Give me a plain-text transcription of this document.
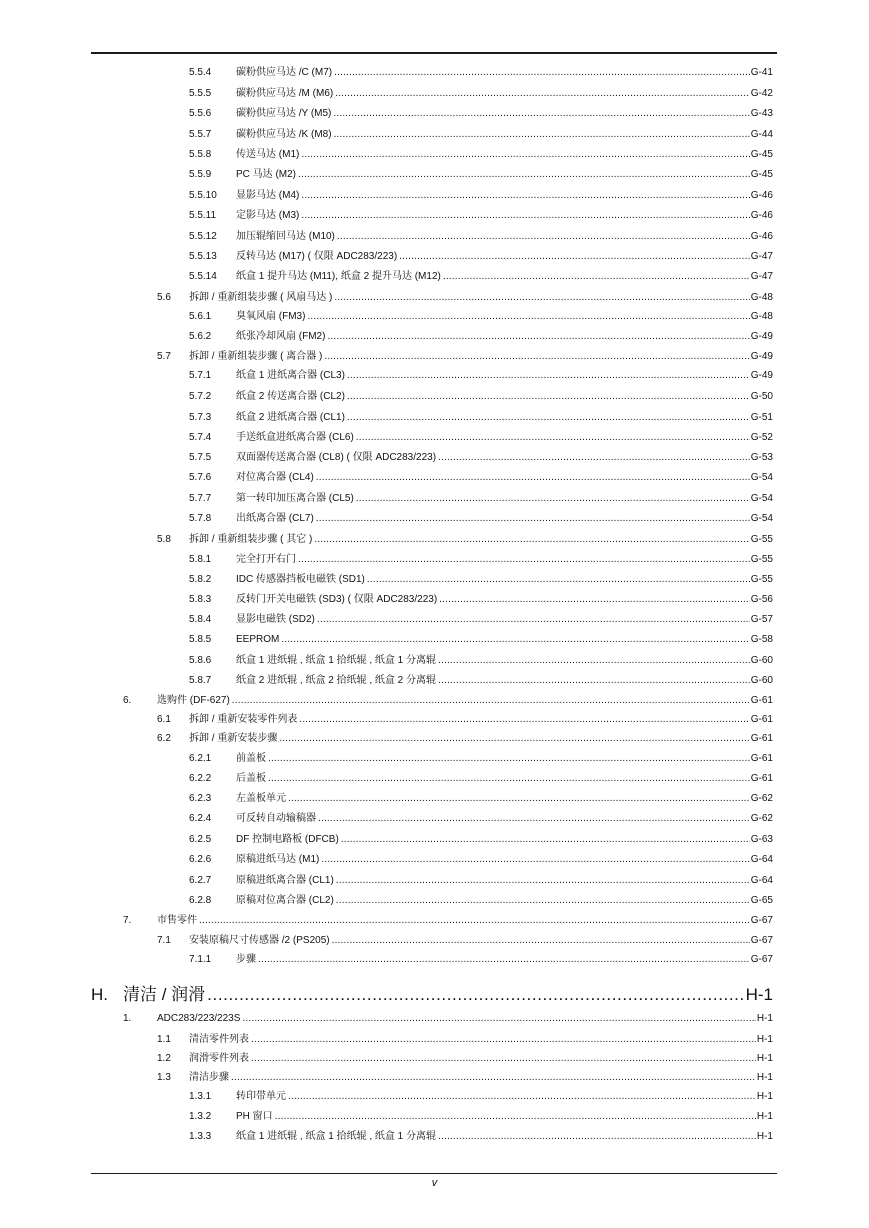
5.5.4	碳粉供应马达 /C (M7) .....	G-41
5.5.5	碳粉供应马达 /M (M6) .....	G-42
5.5.6	碳粉供应马达 /Y (M5) .....	G-43
5.5.7	碳粉供应马达 /K (M8) .....	G-44
5.5.8	传送马达 (M1) .....	G-45
5.5.9	PC 马达 (M2) .....	G-45
5.5.10	显影马达 (M4) .....	G-46
5.5.11	定影马达 (M3) .....	G-46
5.5.12	加压辊缩回马达 (M10) .....	G-46
5.5.13	反转马达 (M17) ( 仅限 ADC283/223) .....	G-47
5.5.14	纸盒 1 提升马达 (M11), 纸盒 2 提升马达 (M12) .....	G-47
5.6	拆卸 / 重新组装步骤 ( 风扇马达 ) .....	G-48
5.6.1	臭氧风扇 (FM3) .....	G-48
5.6.2	纸张冷却风扇 (FM2) .....	G-49
5.7	拆卸 / 重新组装步骤 ( 离合器 ) .....	G-49
5.7.1	纸盒 1 进纸离合器 (CL3) .....	G-49
5.7.2	纸盒 2 传送离合器 (CL2) .....	G-50
5.7.3	纸盒 2 进纸离合器 (CL1) .....	G-51
5.7.4	手送纸盒进纸离合器 (CL6) .....	G-52
5.7.5	双面器传送离合器 (CL8) ( 仅限 ADC283/223) .....	G-53
5.7.6	对位离合器 (CL4) .....	G-54
5.7.7	第一转印加压离合器 (CL5) .....	G-54
5.7.8	出纸离合器 (CL7) .....	G-54
5.8	拆卸 / 重新组装步骤 ( 其它 ) .....	G-55
5.8.1	完全打开右门 .....	G-55
5.8.2	IDC 传感器挡板电磁铁 (SD1) .....	G-55
5.8.3	反转门开关电磁铁 (SD3) ( 仅限 ADC283/223) .....	G-56
5.8.4	显影电磁铁 (SD2) .....	G-57
5.8.5	EEPROM .....	G-58
5.8.6	纸盒 1 进纸辊 , 纸盒 1 拾纸辊 , 纸盒 1 分离辊 .....	G-60
5.8.7	纸盒 2 进纸辊 , 纸盒 2 拾纸辊 , 纸盒 2 分离辊 .....	G-60
6.	选购件 (DF-627) .....	G-61
6.1	拆卸 / 重新安装零件列表 .....	G-61
6.2	拆卸 / 重新安装步骤 .....	G-61
6.2.1	前盖板 .....	G-61
6.2.2	后盖板 .....	G-61
6.2.3	左盖板单元 .....	G-62
6.2.4	可反转自动输稿器 .....	G-62
6.2.5	DF 控制电路板 (DFCB) .....	G-63
6.2.6	原稿进纸马达 (M1) .....	G-64
6.2.7	原稿进纸离合器 (CL1) .....	G-64
6.2.8	原稿对位离合器 (CL2) .....	G-65
7.	市售零件 .....	G-67
7.1	安装原稿尺寸传感器 /2 (PS205) .....	G-67
7.1.1	步骤 .....	G-67
H. 清洁 / 润滑 .....	H-1
1.	ADC283/223/223S .....	H-1
1.1	清洁零件列表 .....	H-1
1.2	润滑零件列表 .....	H-1
1.3	清洁步骤 .....	H-1
1.3.1	转印带单元 .....	H-1
1.3.2	PH 窗口 .....	H-1
1.3.3	纸盒 1 进纸辊 , 纸盒 1 拾纸辊 , 纸盒 1 分离辊 .....	H-1
v
